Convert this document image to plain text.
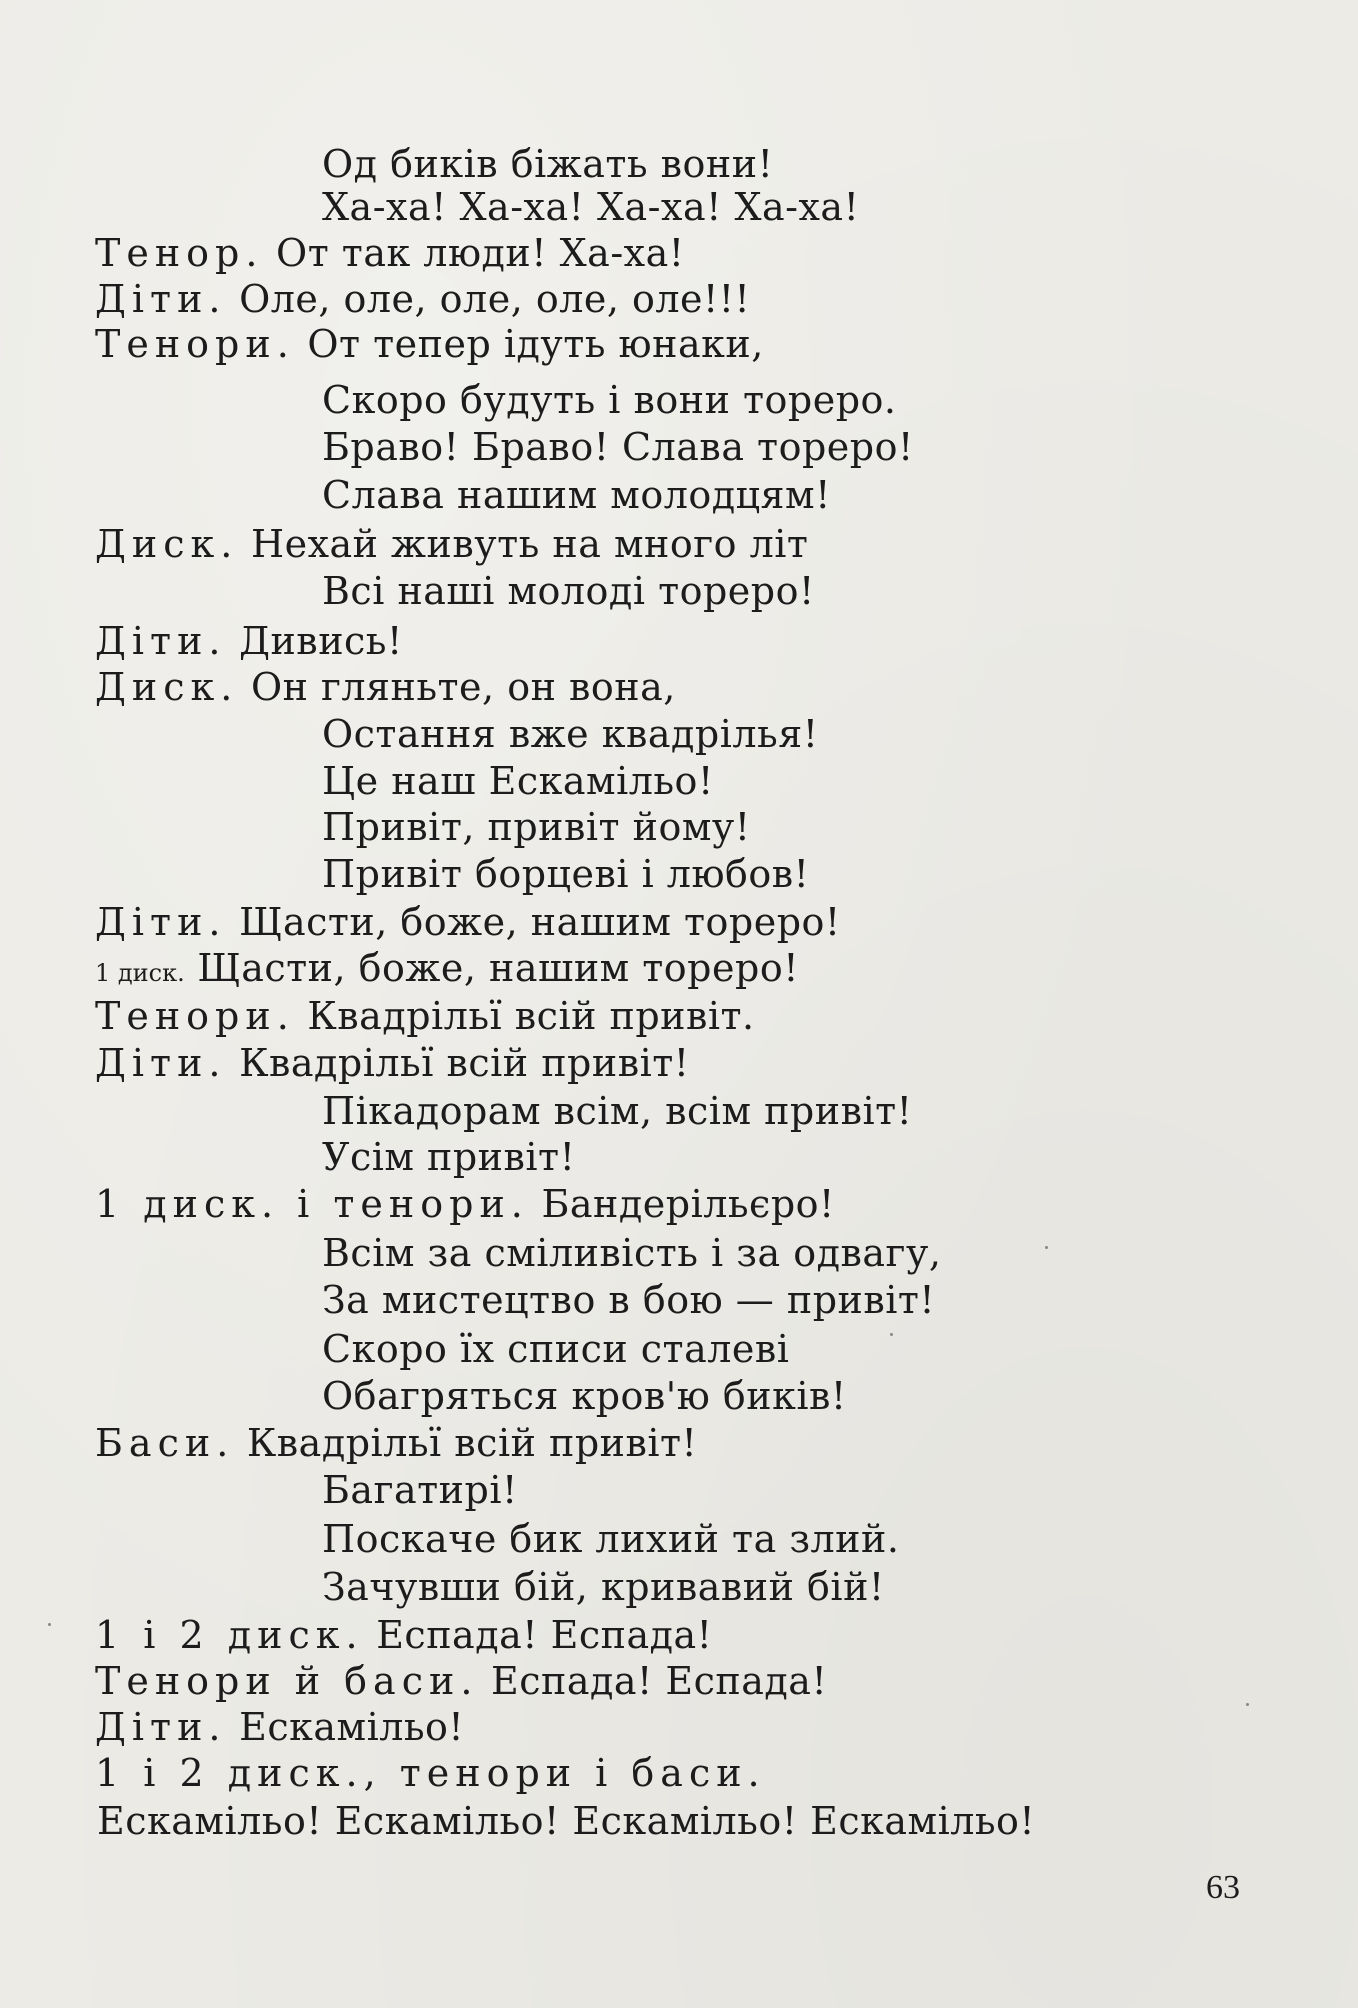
Од биків біжать вони!
Ха-ха! Ха-ха! Ха-ха! Ха-ха!
Тенор. От так люди! Ха-ха!
Діти. Оле, оле, оле, оле, оле!!!
Тенори. От тепер ідуть юнаки,
Скоро будуть і вони тореро.
Браво! Браво! Слава тореро!
Слава нашим молодцям!
Диск. Нехай живуть на много літ
Всі наші молоді тореро!
Діти. Дивись!
Диск. Он гляньте, он вона,
Остання вже квадрілья!
Це наш Ескамільо!
Привіт, привіт йому!
Привіт борцеві і любов!
Діти. Щасти, боже, нашим тореро!
1 диск. Щасти, боже, нашим тореро!
Тенори. Квадрільї всій привіт.
Діти. Квадрільї всій привіт!
Пікадорам всім, всім привіт!
Усім привіт!
1 диск. і тенори. Бандерільєро!
Всім за сміливість і за одвагу,
За мистецтво в бою — привіт!
Скоро їх списи сталеві
Обагряться кров'ю биків!
Баси. Квадрільї всій привіт!
Багатирі!
Поскаче бик лихий та злий.
Зачувши бій, кривавий бій!
1 і 2 диск. Еспада! Еспада!
Тенори й баси. Еспада! Еспада!
Діти. Ескамільо!
1 і 2 диск., тенори і баси.
Ескамільо! Ескамільо! Ескамільо! Ескамільо!
63
